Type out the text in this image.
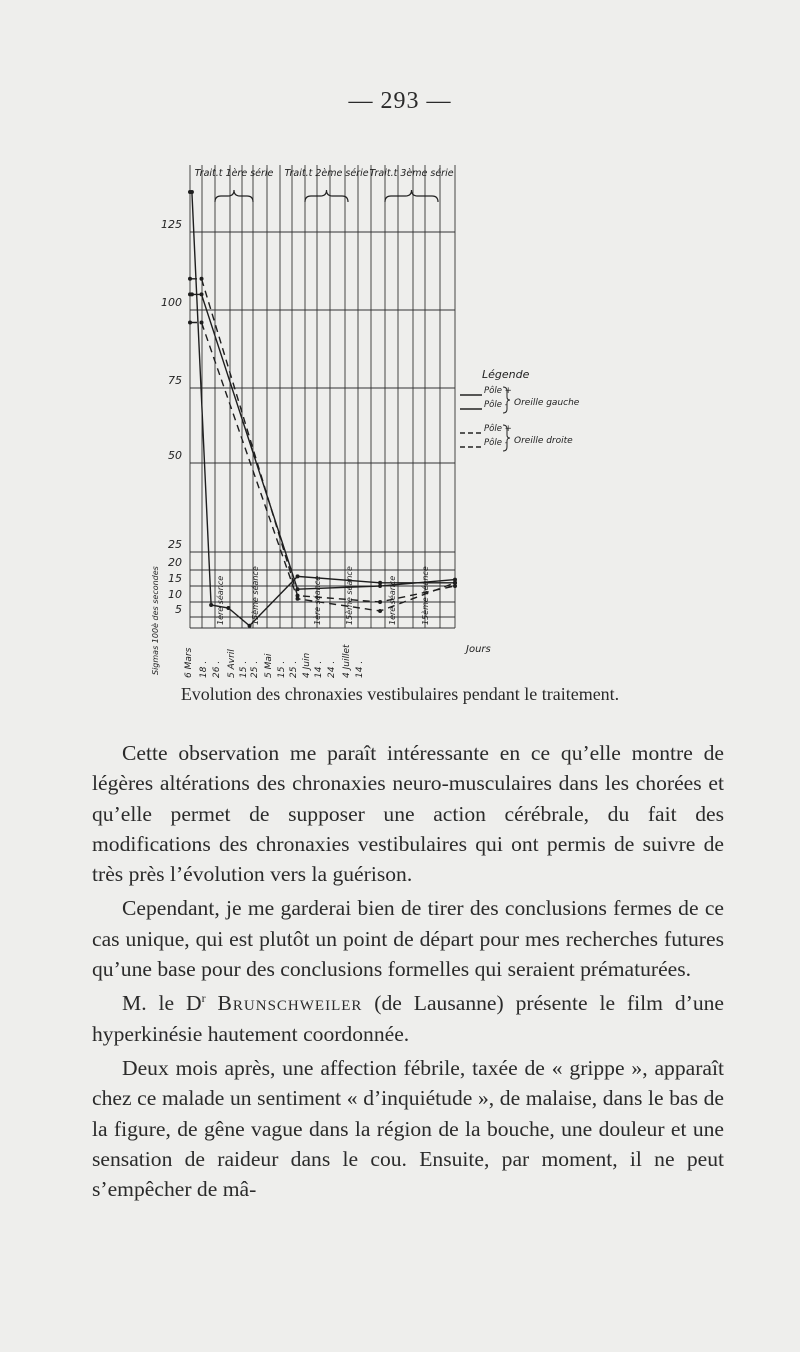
— 293 —
125
100
75
50
25
20
15
10
5
Trait.t 1ère série Trait.t 2ème série Trait.t 3ème série
1ère séance	15ème séance	1ère séance	15ème séance	1ère séance	15ème séance
6 Mars 18 . 26 . 5 Avril 15 . 25 . 5 Mai 15 . 25 . 4 Juin 14 . 24 . 4 Juillet 14 .
Jours
Sigmas 100è des secondes
Légende
Pôle +
Pôle - Oreille gauche
Pôle +
Pôle - Oreille droite
Evolution des chronaxies vestibulaires pendant le traitement.

Cette observation me paraît intéressante en ce qu’elle montre de légères altérations des chronaxies neuro-musculaires dans les chorées et qu’elle permet de supposer une action cérébrale, du fait des modifications des chronaxies vestibulaires qui ont permis de suivre de très près l’évolution vers la guérison.

Cependant, je me garderai bien de tirer des conclusions fermes de ce cas unique, qui est plutôt un point de départ pour mes recherches futures qu’une base pour des conclusions formelles qui seraient prématurées.

M. le $D^r$ Brunschweiler (de Lausanne) présente le film d’une hyperkinésie hautement coordonnée.

Deux mois après, une affection fébrile, taxée de « grippe », apparaît chez ce malade un sentiment « d’inquiétude », de malaise, dans le bas de la figure, de gêne vague dans la région de la bouche, une douleur et une sensation de raideur dans le cou. Ensuite, par moment, il ne peut s’empêcher de mâ-
